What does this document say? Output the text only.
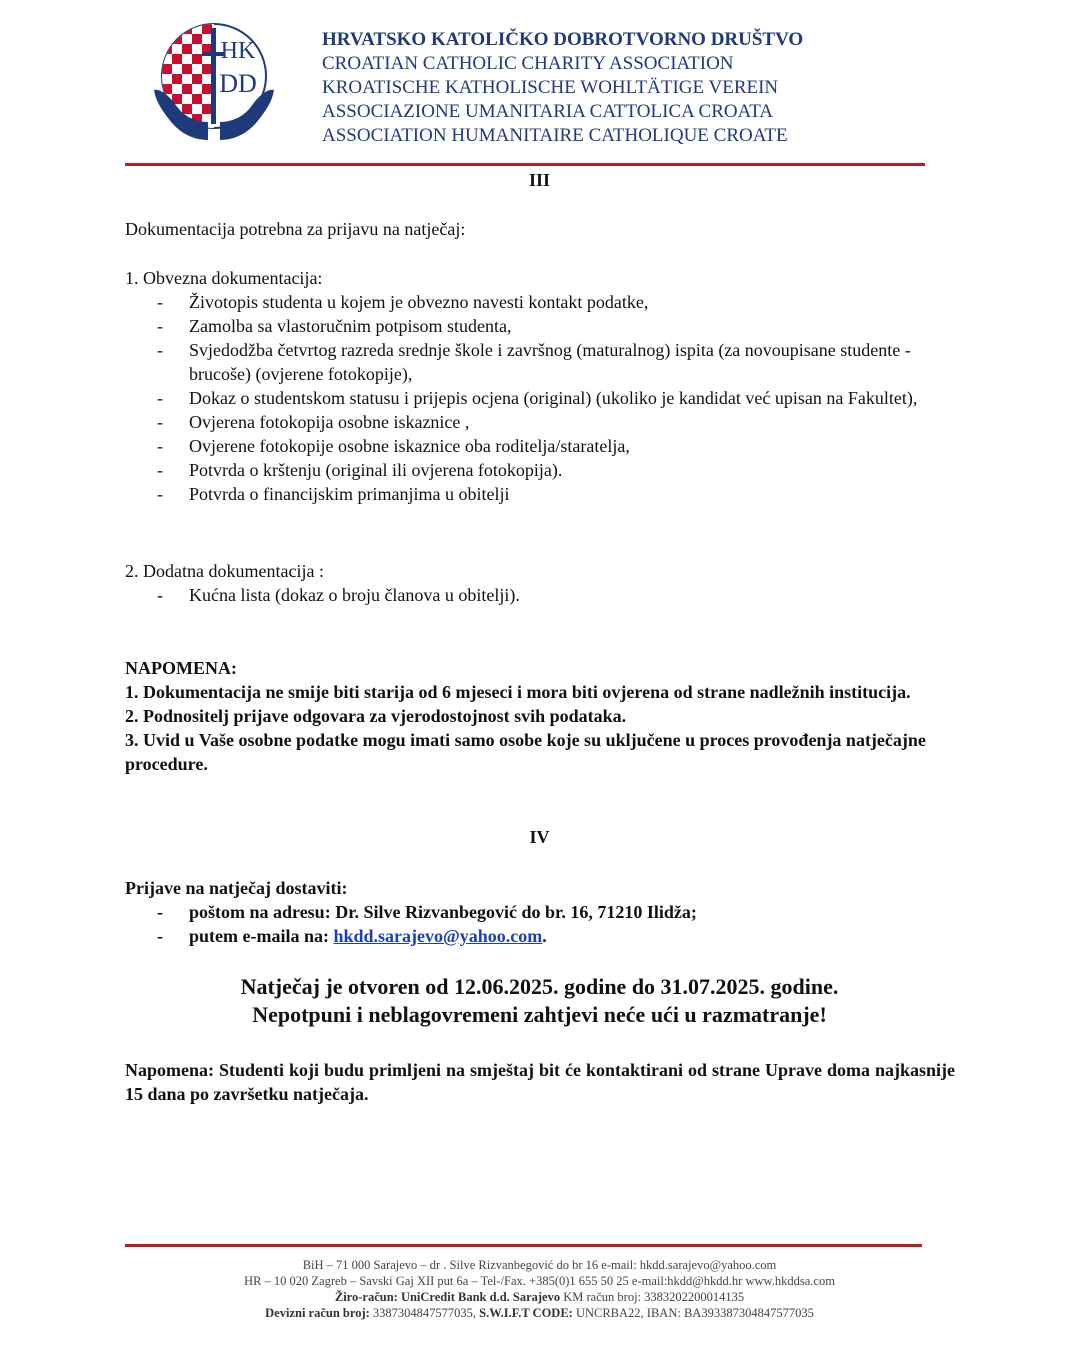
HK
DD
HRVATSKO KATOLIČKO DOBROTVORNO DRUŠTVO
CROATIAN CATHOLIC CHARITY ASSOCIATION
KROATISCHE KATHOLISCHE WOHLTÄTIGE VEREIN
ASSOCIAZIONE UMANITARIA CATTOLICA CROATA
ASSOCIATION HUMANITAIRE CATHOLIQUE CROATE
III
Dokumentacija potrebna za prijavu na natječaj:
1. Obvezna dokumentacija:
- Životopis studenta u kojem je obvezno navesti kontakt podatke,
- Zamolba sa vlastoručnim potpisom studenta,
- Svjedodžba četvrtog razreda srednje škole i završnog (maturalnog) ispita (za novoupisane studente - brucoše) (ovjerene fotokopije),
- Dokaz o studentskom statusu i prijepis ocjena (original) (ukoliko je kandidat već upisan na Fakultet),
- Ovjerena fotokopija osobne iskaznice ,
- Ovjerene fotokopije osobne iskaznice oba roditelja/staratelja,
- Potvrda o krštenju (original ili ovjerena fotokopija).
- Potvrda o financijskim primanjima u obitelji
2. Dodatna dokumentacija :
- Kućna lista (dokaz o broju članova u obitelji).
NAPOMENA:
1. Dokumentacija ne smije biti starija od 6 mjeseci i mora biti ovjerena od strane nadležnih institucija.
2. Podnositelj prijave odgovara za vjerodostojnost svih podataka.
3. Uvid u Vaše osobne podatke mogu imati samo osobe koje su uključene u proces provođenja natječajne procedure.
IV
Prijave na natječaj dostaviti:
- poštom na adresu: Dr. Silve Rizvanbegović do br. 16, 71210 Ilidža;
- putem e-maila na: hkdd.sarajevo@yahoo.com.
Natječaj je otvoren od 12.06.2025. godine do 31.07.2025. godine.
Nepotpuni i neblagovremeni zahtjevi neće ući u razmatranje!
Napomena: Studenti koji budu primljeni na smještaj bit će kontaktirani od strane Uprave doma najkasnije 15 dana po završetku natječaja.
BiH – 71 000 Sarajevo – dr . Silve Rizvanbegović do br 16 e-mail: hkdd.sarajevo@yahoo.com
HR – 10 020 Zagreb – Savski Gaj XII put 6a – Tel-/Fax. +385(0)1 655 50 25 e-mail:hkdd@hkdd.hr www.hkddsa.com
Žiro-račun: UniCredit Bank d.d. Sarajevo KM račun broj: 3383202200014135
Devizni račun broj: 3387304847577035, S.W.I.F.T CODE: UNCRBA22, IBAN: BA393387304847577035
